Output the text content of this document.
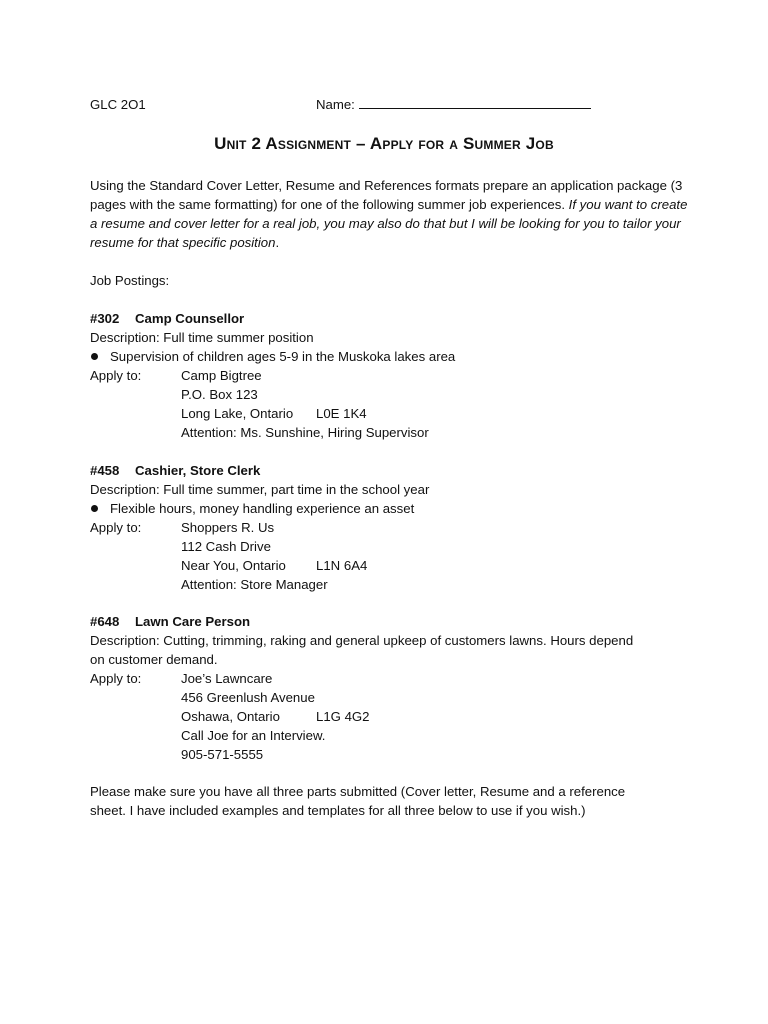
GLC 2O1	Name:
Unit 2 Assignment – Apply for a Summer Job
Using the Standard Cover Letter, Resume and References formats prepare an application package (3 pages with the same formatting) for one of the following summer job experiences. If you want to create a resume and cover letter for a real job, you may also do that but I will be looking for you to tailor your resume for that specific position.
Job Postings:
#302 Camp Counsellor
Description: Full time summer position
Supervision of children ages 5-9 in the Muskoka lakes area
Apply to:	Camp Bigtree
P.O. Box 123
Long Lake, Ontario L0E 1K4
Attention: Ms. Sunshine, Hiring Supervisor
#458 Cashier, Store Clerk
Description: Full time summer, part time in the school year
Flexible hours, money handling experience an asset
Apply to:	Shoppers R. Us
112 Cash Drive
Near You, Ontario L1N 6A4
Attention: Store Manager
#648 Lawn Care Person
Description: Cutting, trimming, raking and general upkeep of customers lawns. Hours depend
on customer demand.
Apply to:	Joe’s Lawncare
456 Greenlush Avenue
Oshawa, Ontario	L1G 4G2
Call Joe for an Interview.
905-571-5555
Please make sure you have all three parts submitted (Cover letter, Resume and a reference sheet. I have included examples and templates for all three below to use if you wish.)
